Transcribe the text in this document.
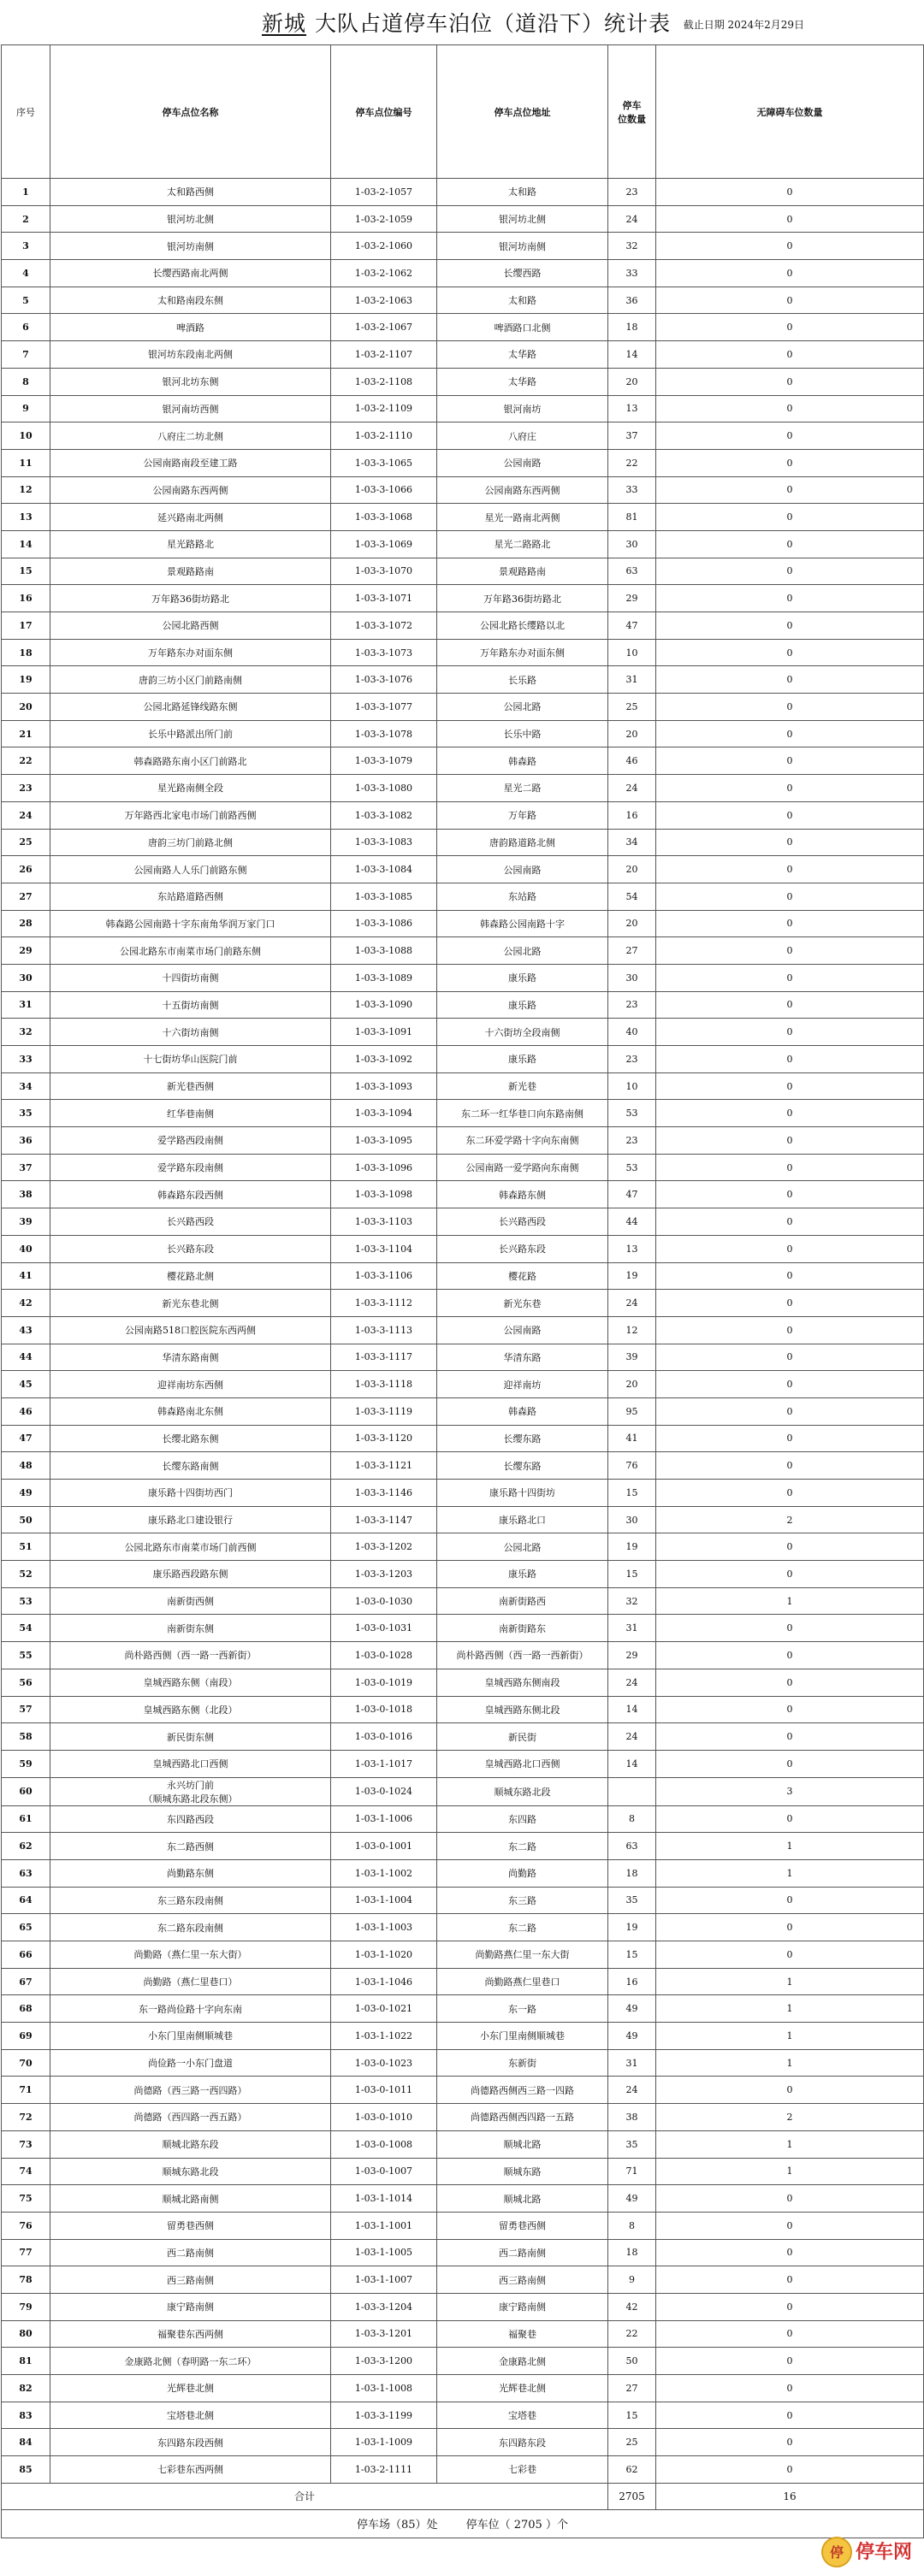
新城 大队占道停车泊位（道沿下）统计表	截止日期 2024年2月29日
序号	停车点位名称	停车点位编号	停车点位地址	停车
位数量	无障碍车位数量
1	太和路西侧	1-03-2-1057	太和路	23	0
2	银河坊北侧	1-03-2-1059	银河坊北侧	24	0
3	银河坊南侧	1-03-2-1060	银河坊南侧	32	0
4	长缨西路南北两侧	1-03-2-1062	长缨西路	33	0
5	太和路南段东侧	1-03-2-1063	太和路	36	0
6	啤酒路	1-03-2-1067	啤酒路口北侧	18	0
7	银河坊东段南北两侧	1-03-2-1107	太华路	14	0
8	银河北坊东侧	1-03-2-1108	太华路	20	0
9	银河南坊西侧	1-03-2-1109	银河南坊	13	0
10	八府庄二坊北侧	1-03-2-1110	八府庄	37	0
11	公园南路南段至建工路	1-03-3-1065	公园南路	22	0
12	公园南路东西两侧	1-03-3-1066	公园南路东西两侧	33	0
13	延兴路南北两侧	1-03-3-1068	星光一路南北两侧	81	0
14	星光路路北	1-03-3-1069	星光二路路北	30	0
15	景观路路南	1-03-3-1070	景观路路南	63	0
16	万年路36街坊路北	1-03-3-1071	万年路36街坊路北	29	0
17	公园北路西侧	1-03-3-1072	公园北路长缨路以北	47	0
18	万年路东办对面东侧	1-03-3-1073	万年路东办对面东侧	10	0
19	唐韵三坊小区门前路南侧	1-03-3-1076	长乐路	31	0
20	公园北路延锋线路东侧	1-03-3-1077	公园北路	25	0
21	长乐中路派出所门前	1-03-3-1078	长乐中路	20	0
22	韩森路路东南小区门前路北	1-03-3-1079	韩森路	46	0
23	星光路南侧全段	1-03-3-1080	星光二路	24	0
24	万年路西北家电市场门前路西侧	1-03-3-1082	万年路	16	0
25	唐韵三坊门前路北侧	1-03-3-1083	唐韵路道路北侧	34	0
26	公园南路人人乐门前路东侧	1-03-3-1084	公园南路	20	0
27	东站路道路西侧	1-03-3-1085	东站路	54	0
28	韩森路公园南路十字东南角华润万家门口	1-03-3-1086	韩森路公园南路十字	20	0
29	公园北路东市南菜市场门前路东侧	1-03-3-1088	公园北路	27	0
30	十四街坊南侧	1-03-3-1089	康乐路	30	0
31	十五街坊南侧	1-03-3-1090	康乐路	23	0
32	十六街坊南侧	1-03-3-1091	十六街坊全段南侧	40	0
33	十七街坊华山医院门前	1-03-3-1092	康乐路	23	0
34	新光巷西侧	1-03-3-1093	新光巷	10	0
35	红华巷南侧	1-03-3-1094	东二环一红华巷口向东路南侧	53	0
36	爱学路西段南侧	1-03-3-1095	东二环爱学路十字向东南侧	23	0
37	爱学路东段南侧	1-03-3-1096	公园南路一爱学路向东南侧	53	0
38	韩森路东段西侧	1-03-3-1098	韩森路东侧	47	0
39	长兴路西段	1-03-3-1103	长兴路西段	44	0
40	长兴路东段	1-03-3-1104	长兴路东段	13	0
41	樱花路北侧	1-03-3-1106	樱花路	19	0
42	新光东巷北侧	1-03-3-1112	新光东巷	24	0
43	公园南路518口腔医院东西两侧	1-03-3-1113	公园南路	12	0
44	华清东路南侧	1-03-3-1117	华清东路	39	0
45	迎祥南坊东西侧	1-03-3-1118	迎祥南坊	20	0
46	韩森路南北东侧	1-03-3-1119	韩森路	95	0
47	长缨北路东侧	1-03-3-1120	长缨东路	41	0
48	长缨东路南侧	1-03-3-1121	长缨东路	76	0
49	康乐路十四街坊西门	1-03-3-1146	康乐路十四街坊	15	0
50	康乐路北口建设银行	1-03-3-1147	康乐路北口	30	2
51	公园北路东市南菜市场门前西侧	1-03-3-1202	公园北路	19	0
52	康乐路西段路东侧	1-03-3-1203	康乐路	15	0
53	南新街西侧	1-03-0-1030	南新街路西	32	1
54	南新街东侧	1-03-0-1031	南新街路东	31	0
55	尚朴路西侧（西一路一西新街）	1-03-0-1028	尚朴路西侧（西一路一西新街）	29	0
56	皇城西路东侧（南段）	1-03-0-1019	皇城西路东侧南段	24	0
57	皇城西路东侧（北段）	1-03-0-1018	皇城西路东侧北段	14	0
58	新民街东侧	1-03-0-1016	新民街	24	0
59	皇城西路北口西侧	1-03-1-1017	皇城西路北口西侧	14	0
60	永兴坊门前
（顺城东路北段东侧）	1-03-0-1024	顺城东路北段		3
61	东四路西段	1-03-1-1006	东四路	8	0
62	东二路西侧	1-03-0-1001	东二路	63	1
63	尚勤路东侧	1-03-1-1002	尚勤路	18	1
64	东三路东段南侧	1-03-1-1004	东三路	35	0
65	东二路东段南侧	1-03-1-1003	东二路	19	0
66	尚勤路（燕仁里一东大街）	1-03-1-1020	尚勤路燕仁里一东大街	15	0
67	尚勤路（燕仁里巷口）	1-03-1-1046	尚勤路燕仁里巷口	16	1
68	东一路尚俭路十字向东南	1-03-0-1021	东一路	49	1
69	小东门里南侧顺城巷	1-03-1-1022	小东门里南侧顺城巷	49	1
70	尚俭路一小东门盘道	1-03-0-1023	东新街	31	1
71	尚德路（西三路一西四路）	1-03-0-1011	尚德路西侧西三路一四路	24	0
72	尚德路（西四路一西五路）	1-03-0-1010	尚德路西侧西四路一五路	38	2
73	顺城北路东段	1-03-0-1008	顺城北路	35	1
74	顺城东路北段	1-03-0-1007	顺城东路	71	1
75	顺城北路南侧	1-03-1-1014	顺城北路	49	0
76	留勇巷西侧	1-03-1-1001	留勇巷西侧	8	0
77	西二路南侧	1-03-1-1005	西二路南侧	18	0
78	西三路南侧	1-03-1-1007	西三路南侧	9	0
79	康宁路南侧	1-03-3-1204	康宁路南侧	42	0
80	福聚巷东西两侧	1-03-3-1201	福聚巷	22	0
81	金康路北侧（春明路一东二环）	1-03-3-1200	金康路北侧	50	0
82	光辉巷北侧	1-03-1-1008	光辉巷北侧	27	0
83	宝塔巷北侧	1-03-3-1199	宝塔巷	15	0
84	东四路东段西侧	1-03-1-1009	东四路东段	25	0
85	七彩巷东西两侧	1-03-2-1111	七彩巷	62	0
合计				2705	16
停车场（85）处        停车位（ 2705 ）个					
停 停车网
